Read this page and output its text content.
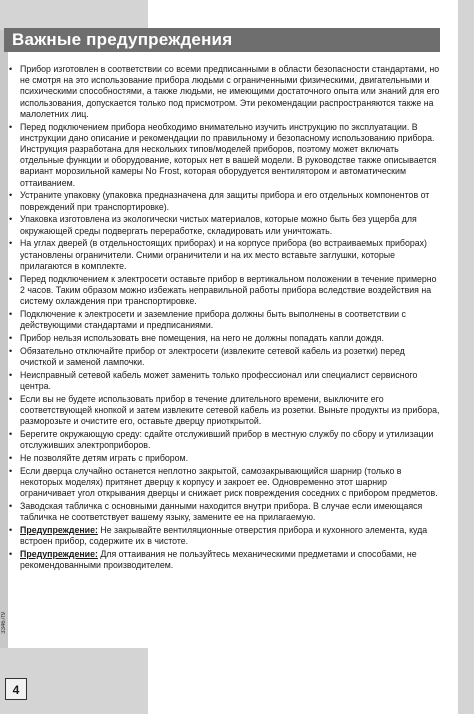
Важные предупреждения
• Прибор изготовлен в соответствии со всеми предписанными в области безопасности стандартами, но не смотря на это использование прибора людьми с ограниченными физическими, двигательными и психическими способностями, а также людьми, не имеющими достаточного опыта или знаний для его использования, допускается только под присмотром. Эти рекомендации распространяются также на малолетних лиц.
• Перед подключением прибора необходимо внимательно изучить инструкцию по эксплуатации. В инструкции дано описание и рекомендации по правильному и безопасному использованию прибора. Инструкция разработана для нескольких типов/моделей приборов, поэтому может включать отдельные функции и оборудование, которых нет в вашей модели. В руководстве также описывается вариант морозильной камеры No Frost, которая оборудуется вентилятором и автоматическим оттаиванием.
• Устраните упаковку (упаковка предназначена для защиты прибора и его отдельных компонентов от повреждений при транспортировке).
• Упаковка изготовлена из экологически чистых материалов, которые можно быть без ущерба для окружающей среды подвергать переработке, складировать или уничтожать.
• На углах дверей (в отдельностоящих приборах) и на корпусе прибора (во встраиваемых приборах) установлены ограничители. Сними ограничители и на их место вставьте заглушки, которые прилагаются в комплекте.
• Перед подключением к электросети оставьте прибор в вертикальном положении в течение примерно 2 часов. Таким образом можно избежать неправильной работы прибора вследствие воздействия на систему охлаждения при транспортировке.
• Подключение к электросети и заземление прибора должны быть выполнены в соответствии с действующими стандартами и предписаниями.
• Прибор нельзя использовать вне помещения, на него не должны попадать капли дождя.
• Обязательно отключайте прибор от электросети (извлеките сетевой кабель из розетки) перед очисткой и заменой лампочки.
• Неисправный сетевой кабель может заменить только профессионал или специалист сервисного центра.
• Если вы не будете использовать прибор в течение длительного времени, выключите его соответствующей кнопкой и затем извлеките сетевой кабель из розетки. Выньте продукты из прибора, разморозьте и очистите его, оставьте дверцу приоткрытой.
• Берегите окружающую среду: сдайте отслуживший прибор в местную службу по сбору и утилизации отслуживших электроприборов.
• Не позволяйте детям играть с прибором.
• Если дверца случайно останется неплотно закрытой, самозакрывающийся шарнир (только в некоторых моделях) притянет дверцу к корпусу и закроет ее. Одновременно этот шарнир ограничивает угол открывания дверцы и снижает риск повреждения соседних с прибором предметов.
• Заводская табличка с основными данными находится внутри прибора. В случае если имеющаяся табличка не соответствует вашему языку, замените ее на прилагаемую.
• Предупреждение: Не закрывайте вентиляционные отверстия прибора и кухонного элемента, куда встроен прибор, содержите их в чистоте.
• Предупреждение: Для оттаивания не пользуйтесь механическими предметами и способами, не рекомендованными производителем.
33467f9
4
